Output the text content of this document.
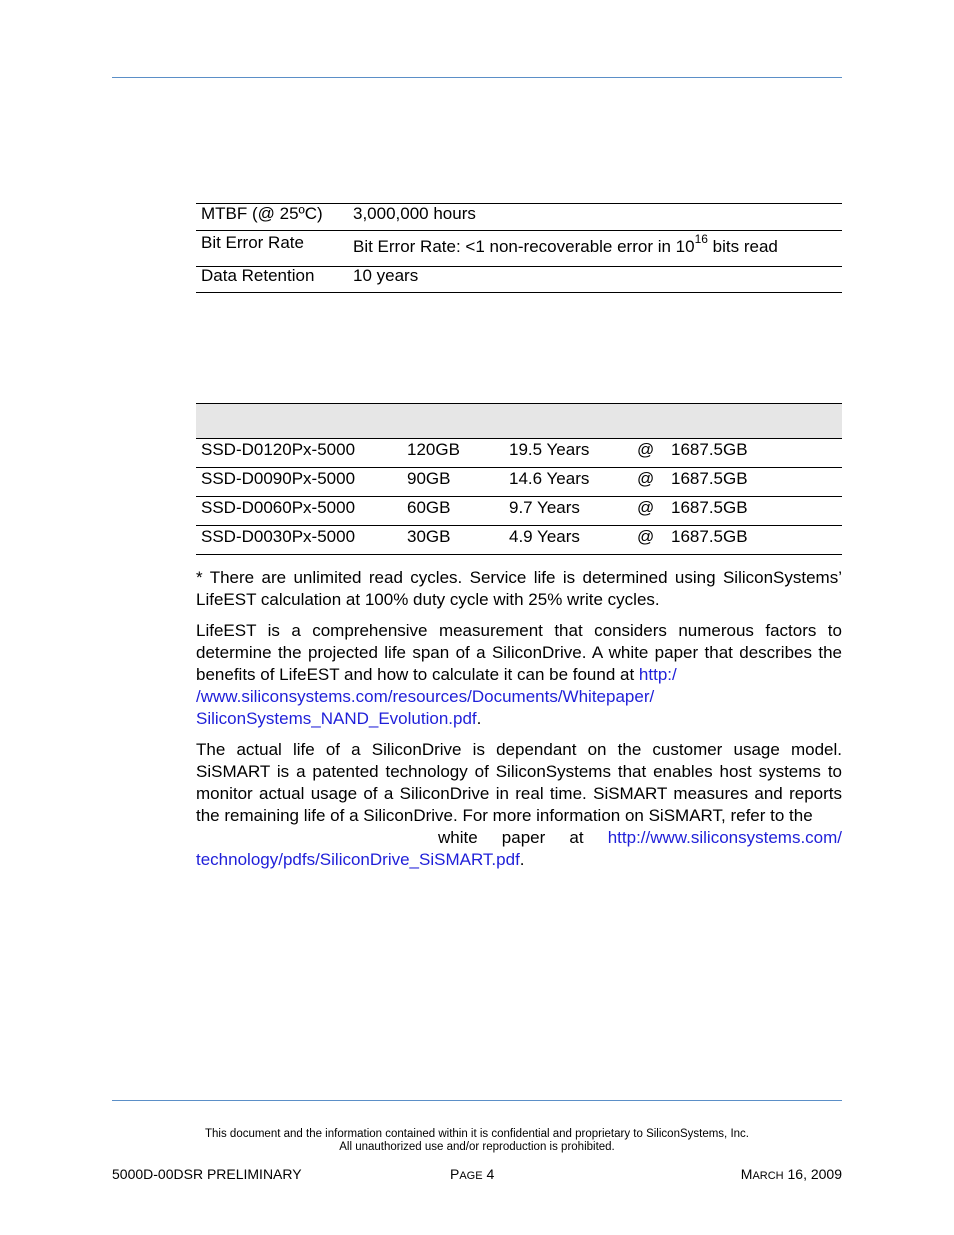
MTBF (@ 25ºC)	3,000,000 hours
Bit Error Rate	Bit Error Rate: <1 non-recoverable error in $10^{16}$ bits read
Data Retention	10 years

SSD-D0120Px-5000	120GB	19.5 Years	@	1687.5GB
SSD-D0090Px-5000	90GB	14.6 Years	@	1687.5GB
SSD-D0060Px-5000	60GB	9.7 Years	@	1687.5GB
SSD-D0030Px-5000	30GB	4.9 Years	@	1687.5GB

* There are unlimited read cycles. Service life is determined using SiliconSystems’ LifeEST calculation at 100% duty cycle with 25% write cycles.

LifeEST is a comprehensive measurement that considers numerous factors to determine the projected life span of a SiliconDrive. A white paper that describes the benefits of LifeEST and how to calculate it can be found at http:/
/www.siliconsystems.com/resources/Documents/Whitepaper/
SiliconSystems_NAND_Evolution.pdf.

The actual life of a SiliconDrive is dependant on the customer usage model. SiSMART is a patented technology of SiliconSystems that enables host systems to monitor actual usage of a SiliconDrive in real time. SiSMART measures and reports the remaining life of a SiliconDrive. For more information on SiSMART, refer to the

white paper at http://www.siliconsystems.com/

technology/pdfs/SiliconDrive_SiSMART.pdf.

This document and the information contained within it is confidential and proprietary to SiliconSystems, Inc.
All unauthorized use and/or reproduction is prohibited.
5000D-00DSR PRELIMINARY	PAGE 4	MARCH 16, 2009
